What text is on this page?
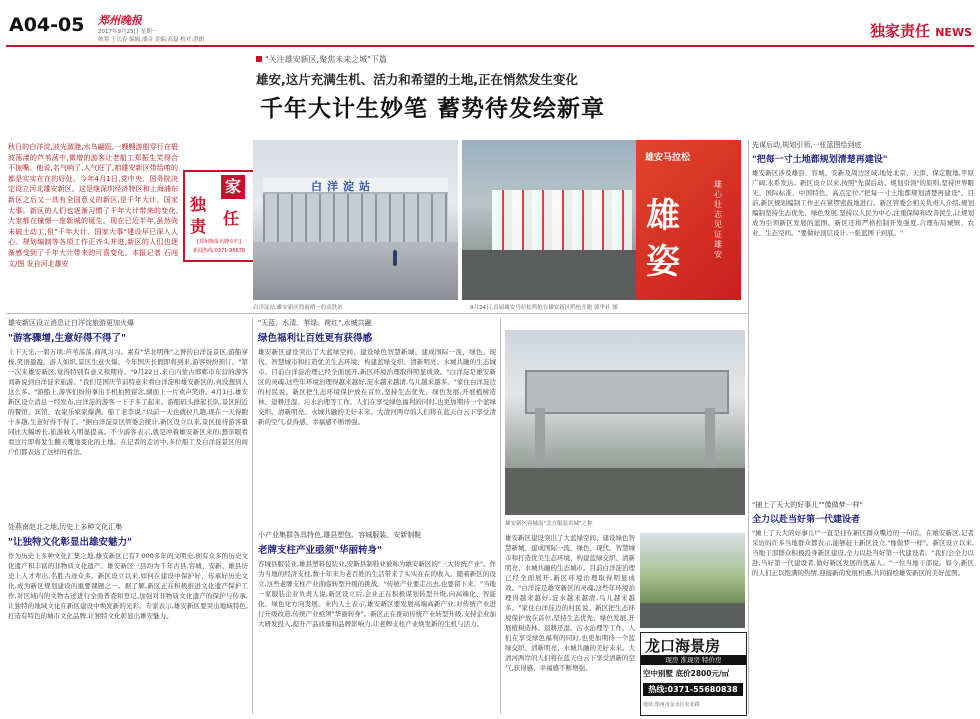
A04-05 郑州晚报
2017年9月25日 星期一
统筹:王长春 编辑:潘音 美编:高磊 校对:澄朗	独家责任 NEWS
"关注雄安新区,聚焦未来之城"下篇
雄安,这片充满生机、活力和希望的土地,正在悄然发生变化
千年大计生妙笔 蓄势待发绘新章
秋日的白洋淀,波光潋滟,水鸟翩跹,一艘艘游船穿行在碧波荡漾的芦苇荡中,微增的游客让老船工郑振生笑得合不拢嘴。他说,名气响了,人气旺了,咱雄安新区带给咱的都是实实在在的好处。今年4月1日,党中央、国务院决定设立河北雄安新区。这是继深圳经济特区和上海浦东新区之后又一具有全国意义的新区,是千年大计、国家大事。新区的人们也逐渐习惯了千年大计带来的变化,大家都在憧憬一座新城的诞生。现在已近半年,虽然尚未破土动工,但"千年大计、国家大事"建设早已深入人心。规划编制等各项工作正齐头并进,新区的人们也逐渐感受到了千年大计带来的可喜变化。本报记者 石闯 文/图 发自河北雄安
独
家
责 任
[郑州晚报名牌专栏]
新闻热线:0371-96678
白洋淀站
白洋淀站,雄安新区的前哨一的高铁站
雄安马拉松
雄
姿
雄心壮志 见证雄安
9月24日,首届雄安马拉松鸣枪在雄安新区鸣枪开跑 郭华社 图
雄安新区设立消息让白洋淀旅游更加火爆
"游客骤增,生意好得不得了"
上下天光,一碧万顷;芦苇荡荡,荷风习习。素有"华北明珠"之誉的白洋淀景区,游船穿梭,笑语盈盈。游人如织,景区生意火爆。今年国庆长假即将到来,游客纷纷预订。"第一次来雄安新区,觉得特别有意义和期待。"9月22日,来自内蒙古邯郸市东营的游客刘新说到白洋淀来旅游。"我们是国庆节前特意来看白洋淀和雄安新区的,真没想到人这么多。"游船上,游客们纷纷拿出手机拍照留念,湖面上一片欢声笑语。4月1日,雄安新区设立消息一经发布,白洋淀的游客一下子多了起来。游船码头排起长队,景区附近的餐馆、宾馆、农家乐家家爆满。船工老李说,"以前一天也就拉几趟,现在一天得跑十多趟,生意好得不得了。"据白洋淀景区管委会统计,新区设立以来,景区接待游客量同比大幅增长,旅游收入明显提高。不少游客表示,就是冲着雄安新区来的,想亲眼看看这片即将发生翻天覆地变化的土地。在记者的走访中,多位船工及白洋淀景区的商户们都表达了这样的看法。
处燕南赵北之地,历史上多种文化汇集
"让独特文化彰显出雄安魅力"
作为历史上多种文化汇集之地,雄安新区已有7 000多年的文明史,拥有众多的历史文化遗产和丰富的非物质文化遗产。雄安新区三县均为千年古县,容城、安新、雄县历史上人才辈出,名胜古迹众多。新区设立以来,如何在建设中保护好、传承好历史文化,成为新区规划建设的重要课题之一。据了解,新区正在积极推进文化遗产保护工作,对区域内的文物古迹进行全面普查和登记,加强对非物质文化遗产的保护与传承,让独特的地域文化在新区建设中焕发新的光彩。专家表示,雄安新区要突出地域特色,打造有特色的城市文化品牌,让独特文化彰显出雄安魅力。
"天蓝、水清、苇绿、荷红",水城共融
绿色福利让百姓更有获得感
雄安新区建设突出了大蓝绿空间、建设绿色智慧新城、建成国际一流、绿色、现代、智慧城市和打造优美生态环境、构建蓝绿交织、清新明亮、水城共融的生态城市。目前白洋淀治理已经全面展开,新区环境治理取得明显成效。"白洋淀是雄安新区的灵魂,这些年环境治理得越来越好,淀水越来越清,鸟儿越来越多。"家住白洋淀边的村民说。新区把生态环境保护放在首位,坚持生态优先、绿色发展,开展植树造林、退耕还湿、污水治理等工作。人们在享受绿色福利的同时,也更加期待一个蓝绿交织、清新明亮、水城共融的美好未来。大清河两岸的人们将在蓝天白云下享受清新的空气,获得感、幸福感不断增强。
小产业集群各具特色,雄县塑包、容城服装、安新制鞋
老牌支柱产业亟须"华丽转身"
容城县服装业,雄县塑料包装业,安新县制鞋业被称为雄安新区的"三大传统产业"。作为当地的经济支柱,数十年来为老百姓的生活带来了实实在在的收入。随着新区的设立,这些老牌支柱产业面临转型升级的挑战。"传统产业要走出去,也要留下来。"当地一家服装企业负责人说,新区设立后,企业正在积极谋划转型升级,向高端化、智能化、绿色化方向发展。业内人士表示,雄安新区要发展高端高新产业,对传统产业进行升级改造,传统产业亟须"华丽转身"。新区正在推动传统产业转型升级,支持企业加大研发投入,提升产品质量和品牌影响力,让老牌支柱产业焕发新的生机与活力。
雄安新区容城南"北方服装名城"之称
龙口海景房
现房 准现房 特价房
空中别墅 底价2800元/㎡
热线:0371-55680838
地址:郑州市金水区农业路
雄安新区建设突出了大蓝绿空间、建设绿色智慧新城、建成国际一流、绿色、现代、智慧城市和打造优美生态环境、构建蓝绿交织、清新明亮、水城共融的生态城市。目前白洋淀治理已经全面展开,新区环境治理取得明显成效。"白洋淀是雄安新区的灵魂,这些年环境治理得越来越好,淀水越来越清,鸟儿越来越多。"家住白洋淀边的村民说。新区把生态环境保护放在首位,坚持生态优先、绿色发展,开展植树造林、退耕还湿、污水治理等工作。人们在享受绿色福利的同时,也更加期待一个蓝绿交织、清新明亮、水城共融的美好未来。大清河两岸的人们将在蓝天白云下享受清新的空气,获得感、幸福感不断增强。
先谋后动,规划引领,一张蓝图绘到底
"把每一寸土地都规划清楚再建设"
雄安新区涉及雄县、容城、安新及周边区域,地处北京、天津、保定腹地,平原广阔,水系发达。新区设立以来,按照"先谋后动、规划引领"的原则,坚持世界眼光、国际标准、中国特色、高点定位,"把每一寸土地都规划清楚再建设"。目前,新区规划编制工作正在紧锣密鼓地进行。新区管委会相关负责人介绍,规划编制坚持生态优先、绿色发展,坚持以人民为中心,注重保障和改善民生,让规划成为引领新区发展的蓝图。新区还将严格控制开发强度,合理布局城镇、农业、生态空间。"要做好顶层设计,一张蓝图干到底。"
"捕上了天大的好事儿""像做梦一样"
全力以赴当好第一代建设者
"摊上了天大的好事儿!"一直是挂在新区群众嘴边的一句话。在雄安新区,记者采访的许多当地群众都表示,能够赶上新区设立,"像做梦一样"。新区设立以来,当地干部群众积极投身新区建设,全力以赴当好第一代建设者。"我们会全力以赴,当好第一代建设者,做好新区发展的奠基人。"一位当地干部说。如今,新区的人们正以饱满的热情,迎接新的发展机遇,共同描绘雄安新区的美好蓝图。
